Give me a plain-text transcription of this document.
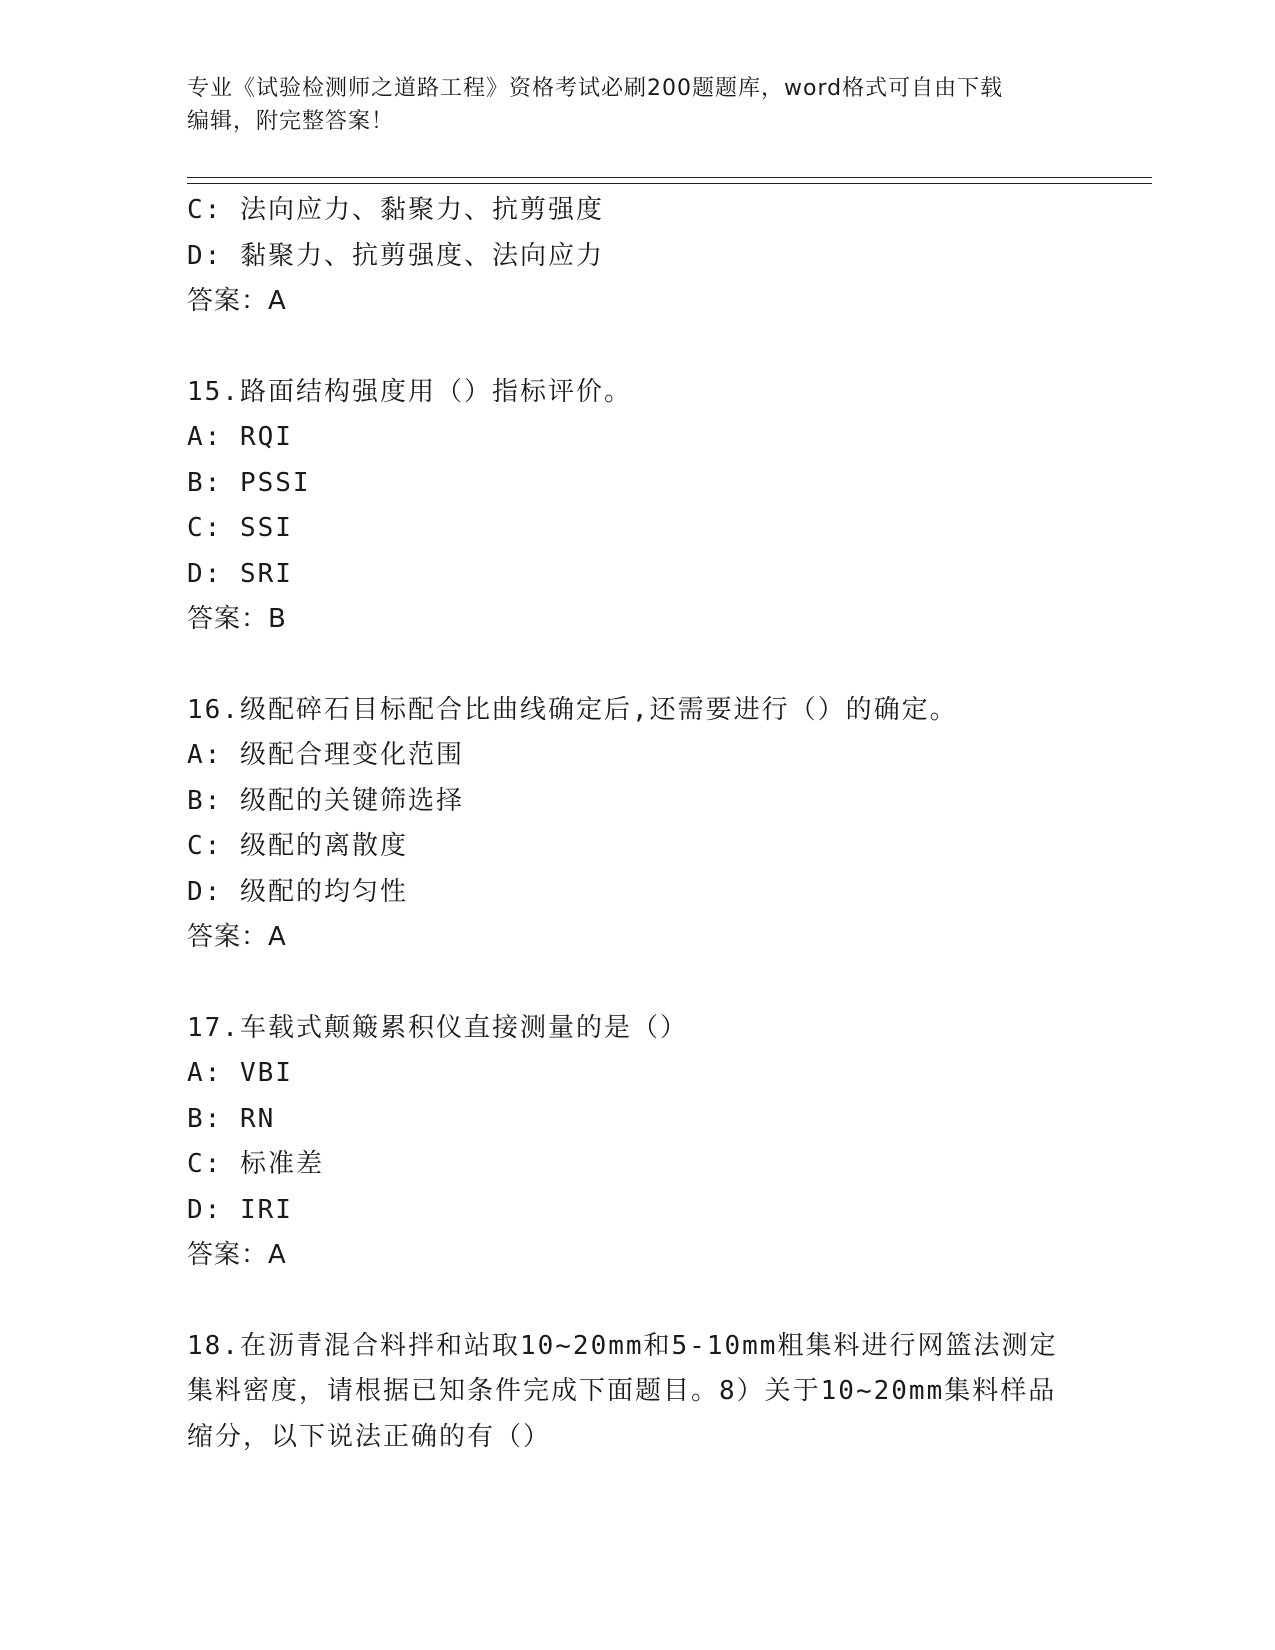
专业《试验检测师之道路工程》资格考试必刷200题题库，word格式可自由下载
编辑，附完整答案！
C: 法向应力、黏聚力、抗剪强度
D: 黏聚力、抗剪强度、法向应力
答案：A
15.路面结构强度用（）指标评价。
A: RQI
B: PSSI
C: SSI
D: SRI
答案：B
16.级配碎石目标配合比曲线确定后,还需要进行（）的确定。
A: 级配合理变化范围
B: 级配的关键筛选择
C: 级配的离散度
D: 级配的均匀性
答案：A
17.车载式颠簸累积仪直接测量的是（）
A: VBI
B: RN
C: 标准差
D: IRI
答案：A
18.在沥青混合料拌和站取10~20mm和5-10mm粗集料进行网篮法测定
集料密度，请根据已知条件完成下面题目。8）关于10~20mm集料样品
缩分，以下说法正确的有（）
